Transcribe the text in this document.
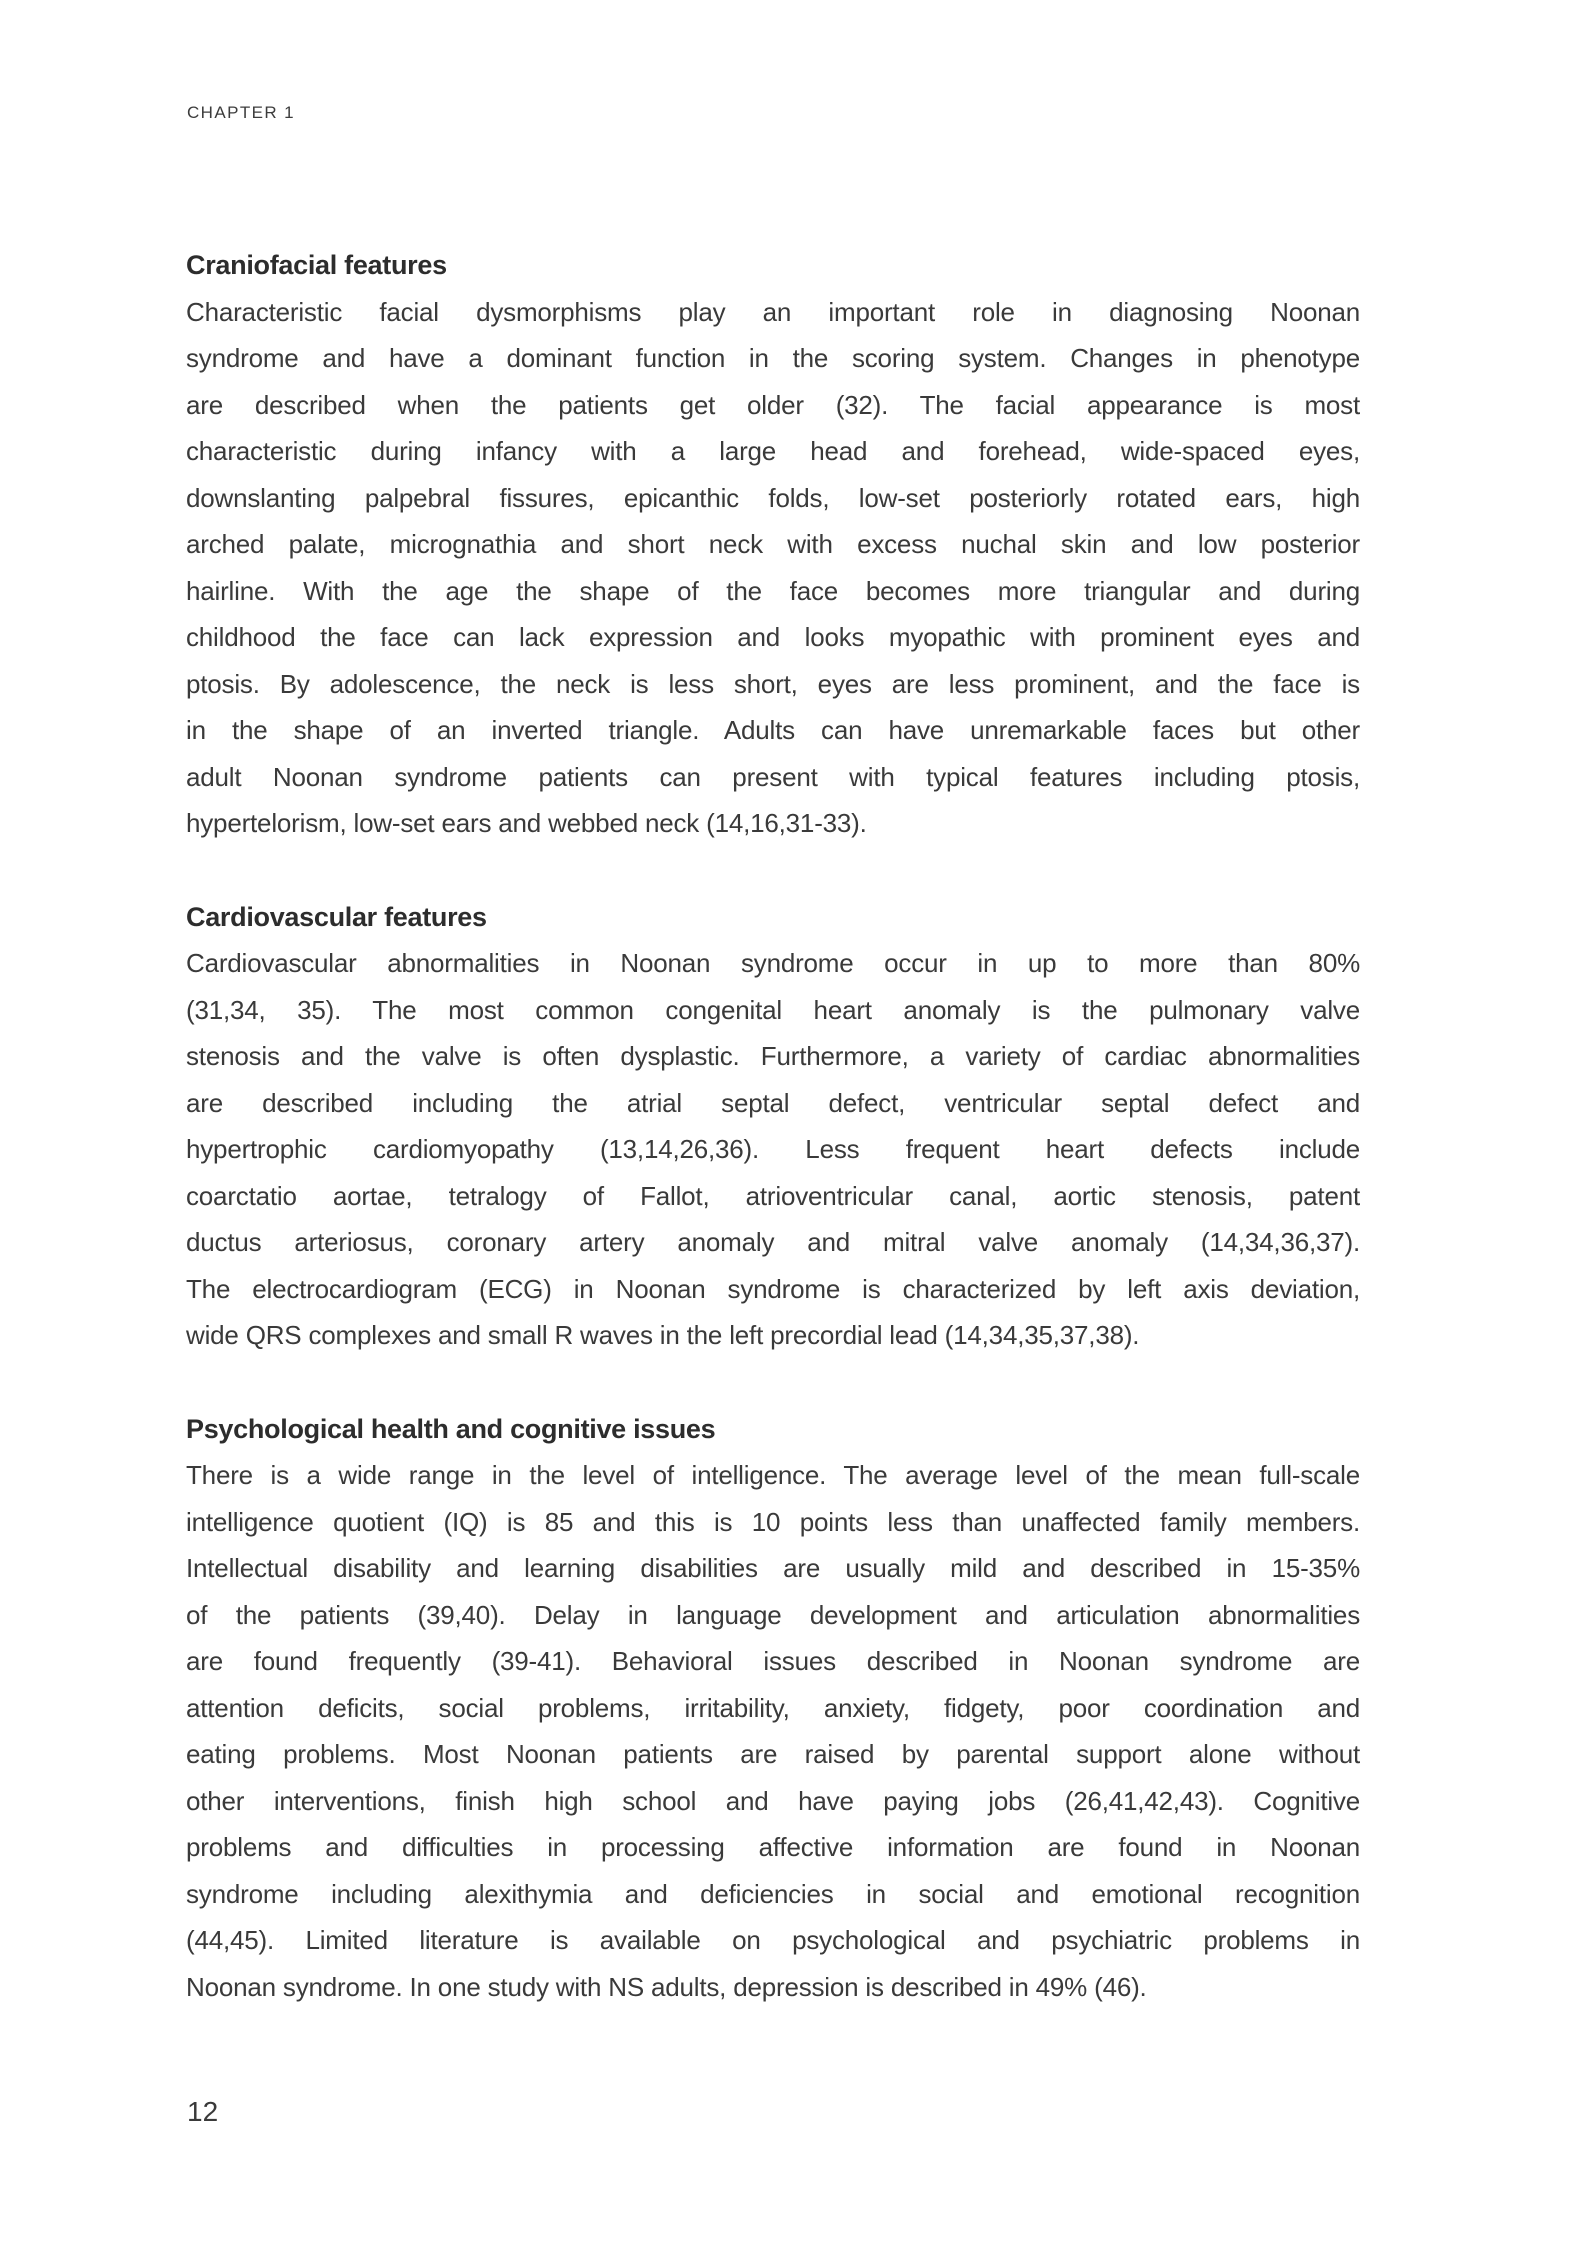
CHAPTER 1
Craniofacial features
Characteristic facial dysmorphisms play an important role in diagnosing Noonan
syndrome and have a dominant function in the scoring system. Changes in phenotype
are described when the patients get older (32). The facial appearance is most
characteristic during infancy with a large head and forehead, wide-spaced eyes,
downslanting palpebral fissures, epicanthic folds, low-set posteriorly rotated ears, high
arched palate, micrognathia and short neck with excess nuchal skin and low posterior
hairline. With the age the shape of the face becomes more triangular and during
childhood the face can lack expression and looks myopathic with prominent eyes and
ptosis. By adolescence, the neck is less short, eyes are less prominent, and the face is
in the shape of an inverted triangle. Adults can have unremarkable faces but other
adult Noonan syndrome patients can present with typical features including ptosis,
hypertelorism, low-set ears and webbed neck (14,16,31-33).
Cardiovascular features
Cardiovascular abnormalities in Noonan syndrome occur in up to more than 80%
(31,34, 35). The most common congenital heart anomaly is the pulmonary valve
stenosis and the valve is often dysplastic. Furthermore, a variety of cardiac abnormalities
are described including the atrial septal defect, ventricular septal defect and
hypertrophic cardiomyopathy (13,14,26,36). Less frequent heart defects include
coarctatio aortae, tetralogy of Fallot, atrioventricular canal, aortic stenosis, patent
ductus arteriosus, coronary artery anomaly and mitral valve anomaly (14,34,36,37).
The electrocardiogram (ECG) in Noonan syndrome is characterized by left axis deviation,
wide QRS complexes and small R waves in the left precordial lead (14,34,35,37,38).
Psychological health and cognitive issues
There is a wide range in the level of intelligence. The average level of the mean full-scale
intelligence quotient (IQ) is 85 and this is 10 points less than unaffected family members.
Intellectual disability and learning disabilities are usually mild and described in 15-35%
of the patients (39,40). Delay in language development and articulation abnormalities
are found frequently (39-41). Behavioral issues described in Noonan syndrome are
attention deficits, social problems, irritability, anxiety, fidgety, poor coordination and
eating problems. Most Noonan patients are raised by parental support alone without
other interventions, finish high school and have paying jobs (26,41,42,43). Cognitive
problems and difficulties in processing affective information are found in Noonan
syndrome including alexithymia and deficiencies in social and emotional recognition
(44,45). Limited literature is available on psychological and psychiatric problems in
Noonan syndrome. In one study with NS adults, depression is described in 49% (46).
12
